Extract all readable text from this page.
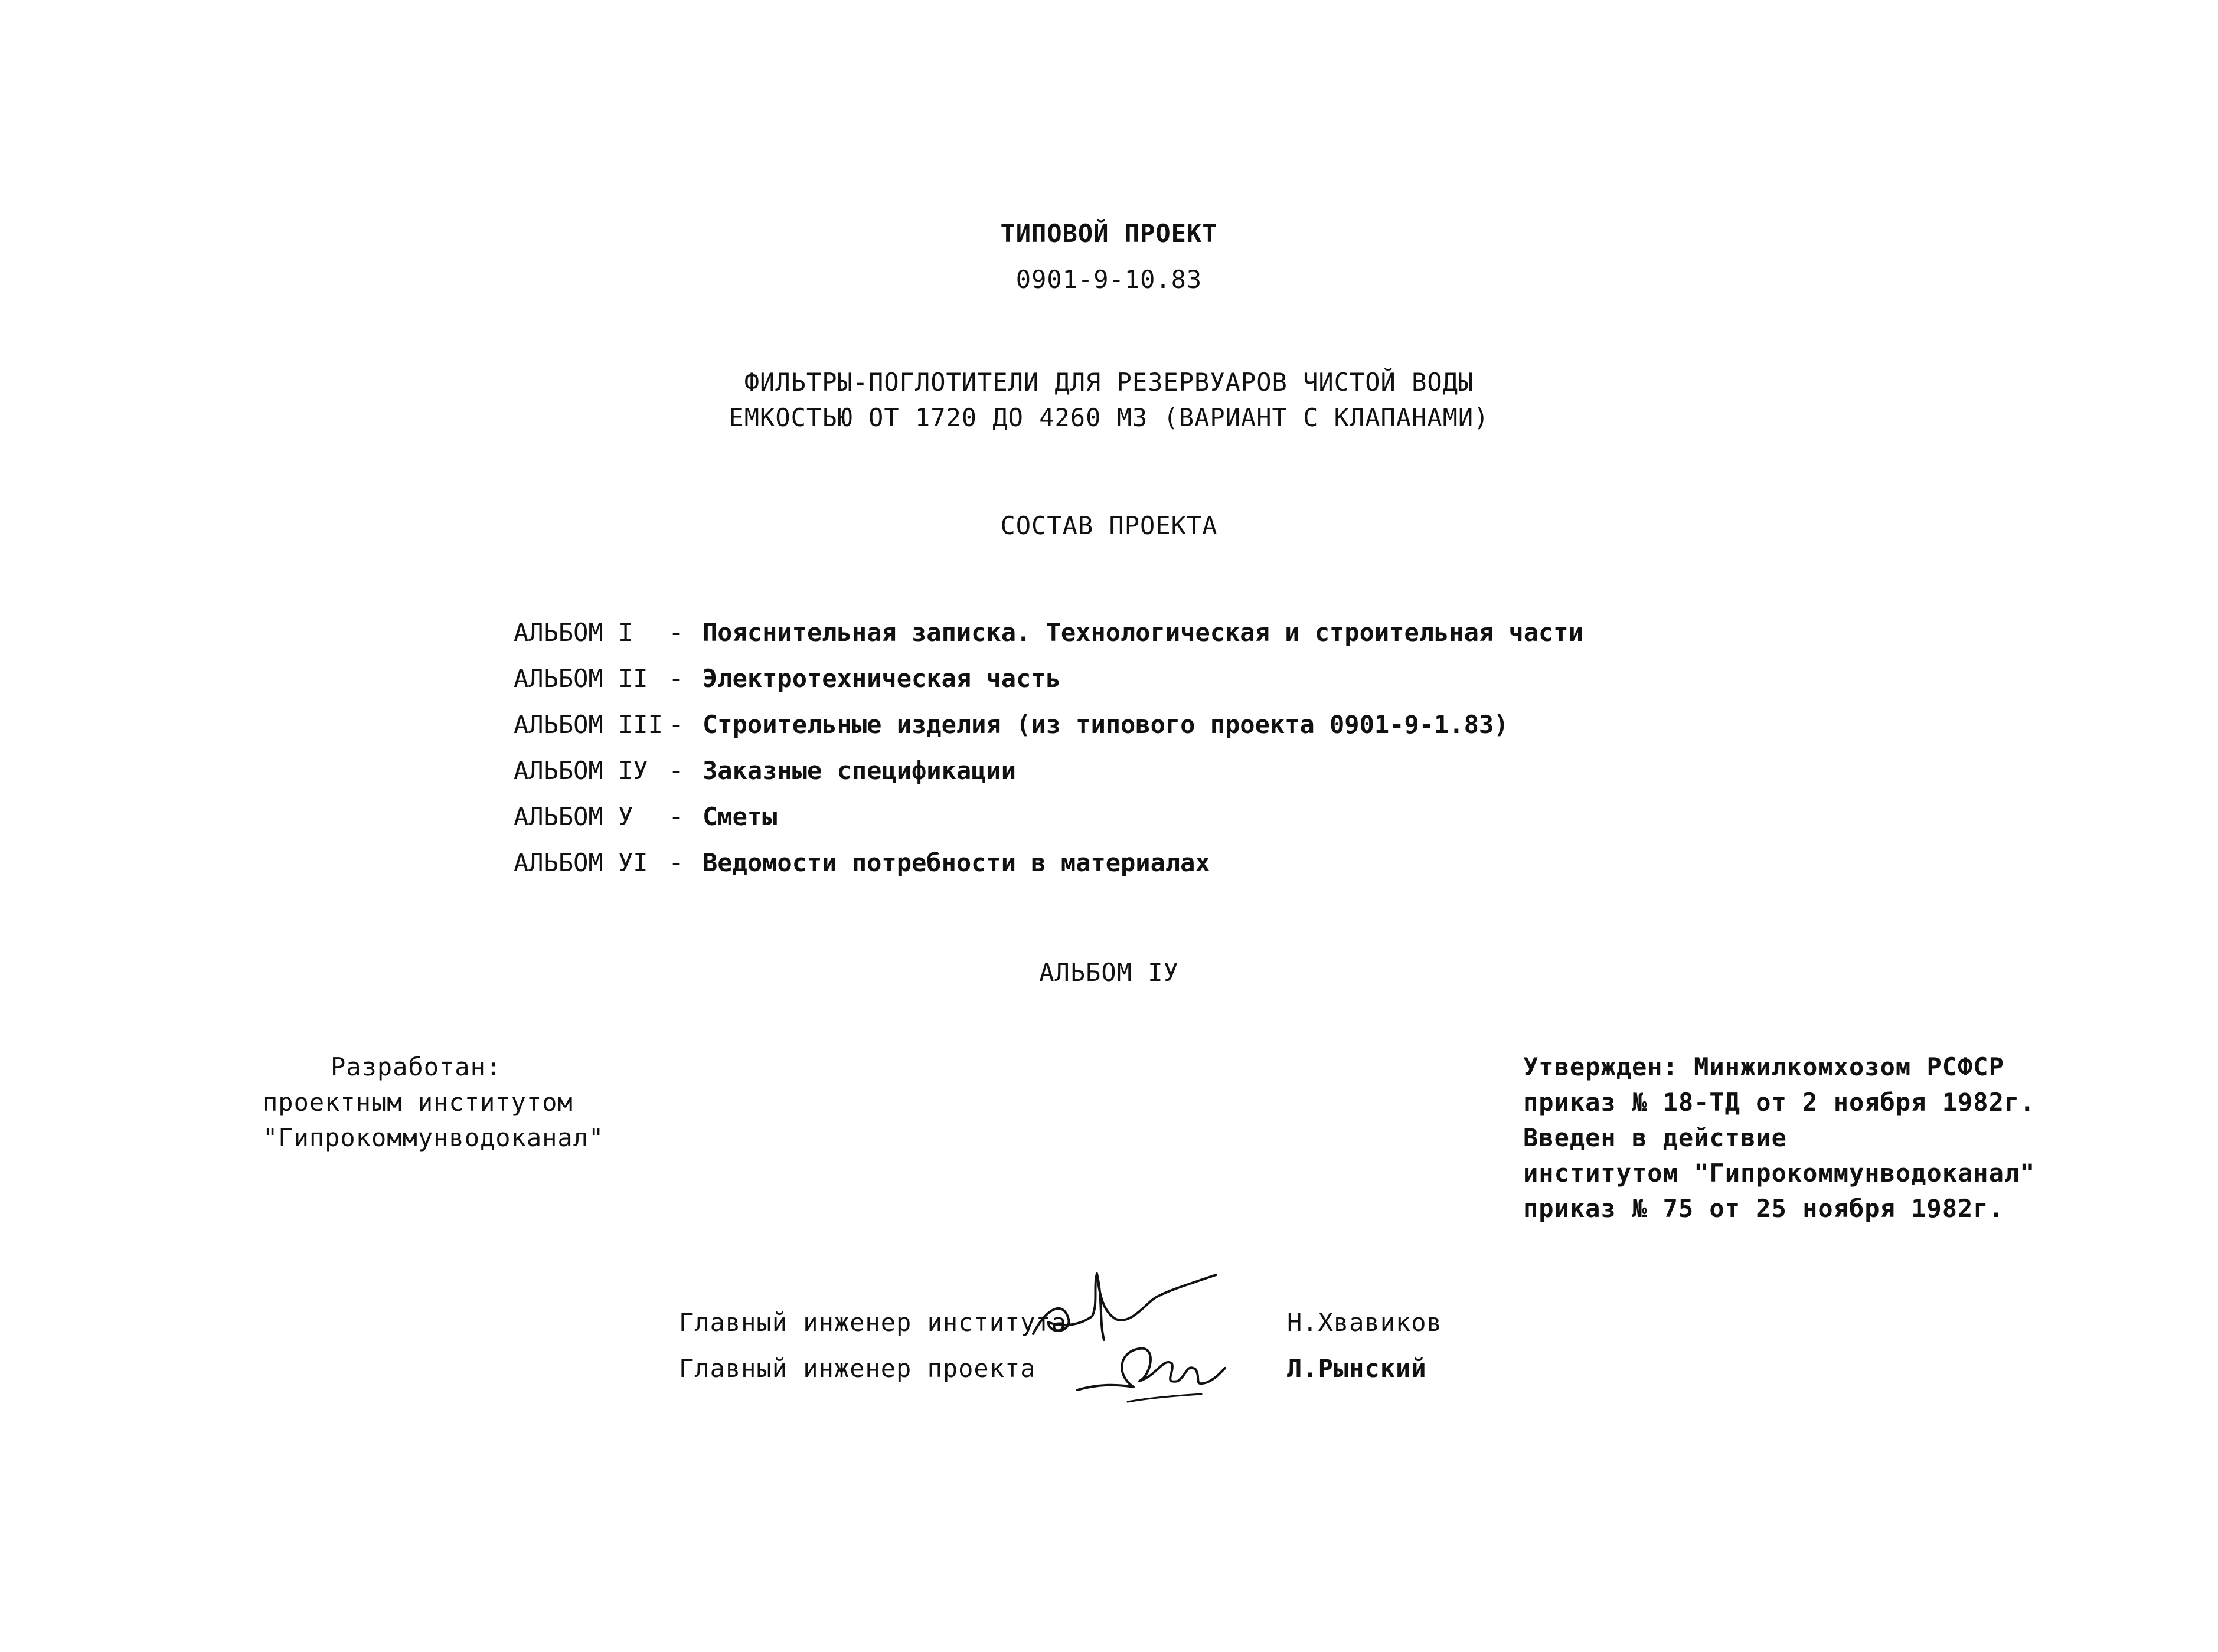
ТИПОВОЙ ПРОЕКТ
0901-9-10.83
ФИЛЬТРЫ-ПОГЛОТИТЕЛИ ДЛЯ РЕЗЕРВУАРОВ ЧИСТОЙ ВОДЫ
ЕМКОСТЬЮ ОТ 1720 ДО 4260 М3 (ВАРИАНТ С КЛАПАНАМИ)
СОСТАВ ПРОЕКТА
АЛЬБОМ I	- Пояснительная записка. Технологическая и строительная части
АЛЬБОМ II - Электротехническая часть
АЛЬБОМ III - Строительные изделия (из типового проекта 0901-9-1.83)
АЛЬБОМ IУ - Заказные спецификации
АЛЬБОМ У	- Сметы
АЛЬБОМ УI - Ведомости потребности в материалах
АЛЬБОМ IУ
Разработан:
проектным институтом
"Гипрокоммунводоканал"
Утвержден: Минжилкомхозом РСФСР
приказ № 18-ТД от 2 ноября 1982г.
Введен в действие
институтом "Гипрокоммунводоканал"
приказ № 75 от 25 ноября 1982г.
Главный инженер института	Н.Хвавиков
Главный инженер проекта	Л.Рынский
